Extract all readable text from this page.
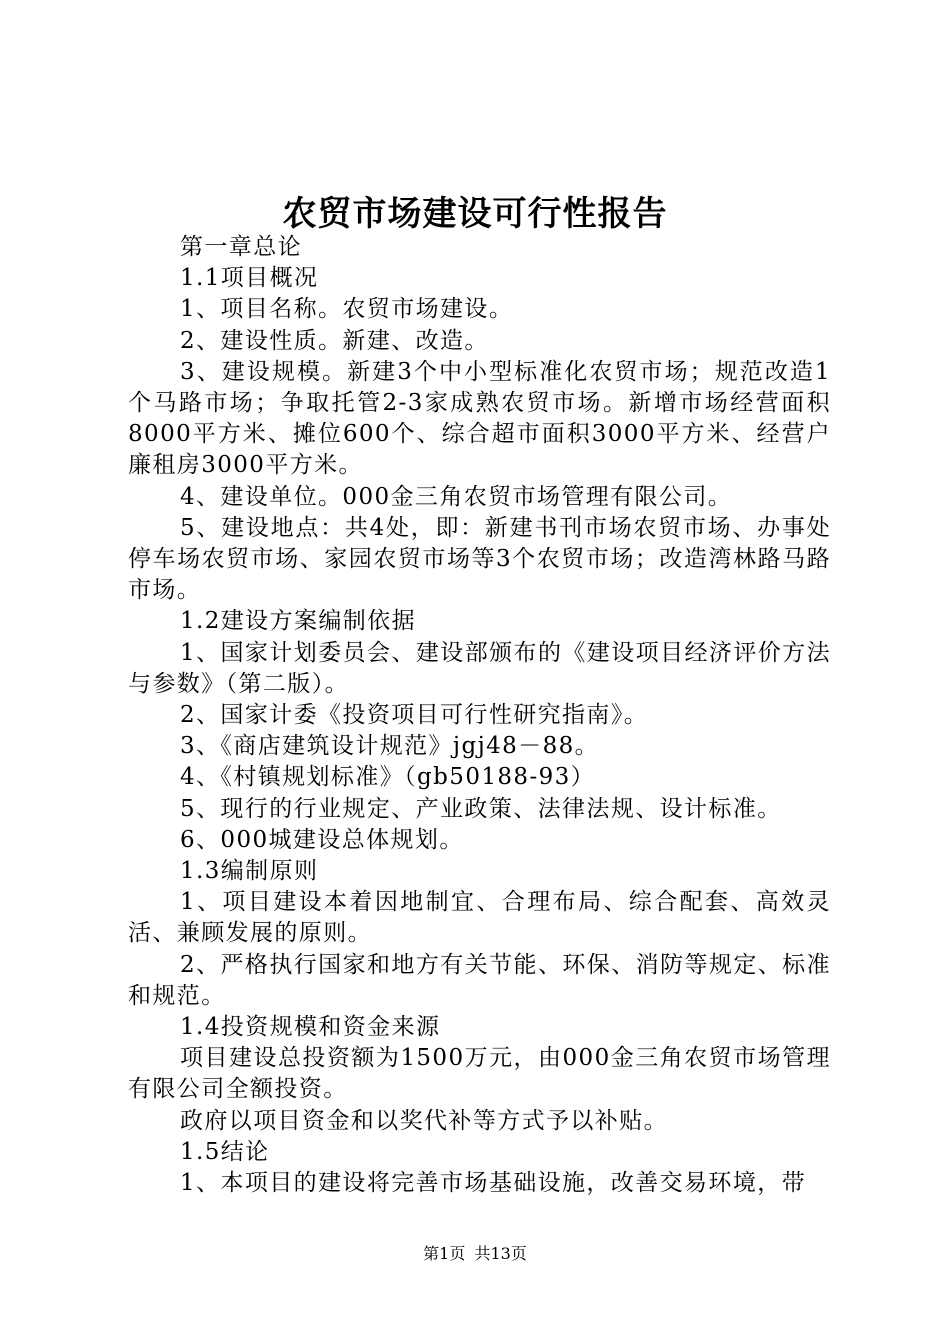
农贸市场建设可行性报告

第一章总论

1.1项目概况

1、项目名称。农贸市场建设。

2、建设性质。新建、改造。

3、建设规模。新建3个中小型标准化农贸市场；规范改造1个马路市场；争取托管2-3家成熟农贸市场。新增市场经营面积8000平方米、摊位600个、综合超市面积3000平方米、经营户廉租房3000平方米。

4、建设单位。000金三角农贸市场管理有限公司。

5、建设地点：共4处，即：新建书刊市场农贸市场、办事处停车场农贸市场、家园农贸市场等3个农贸市场；改造湾林路马路市场。

1.2建设方案编制依据

1、国家计划委员会、建设部颁布的《建设项目经济评价方法与参数》（第二版）。

2、国家计委《投资项目可行性研究指南》。

3、《商店建筑设计规范》jgj48－88。

4、《村镇规划标准》（gb50188-93）

5、现行的行业规定、产业政策、法律法规、设计标准。

6、000城建设总体规划。

1.3编制原则

1、项目建设本着因地制宜、合理布局、综合配套、高效灵活、兼顾发展的原则。

2、严格执行国家和地方有关节能、环保、消防等规定、标准和规范。

1.4投资规模和资金来源

项目建设总投资额为1500万元，由000金三角农贸市场管理有限公司全额投资。

政府以项目资金和以奖代补等方式予以补贴。

1.5结论

1、本项目的建设将完善市场基础设施，改善交易环境，带

第1页 共13页
